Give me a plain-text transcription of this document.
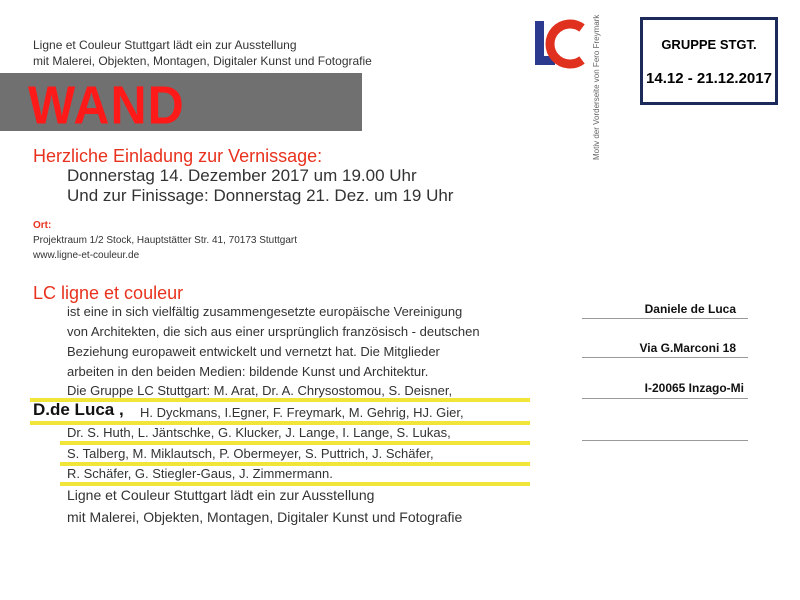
Ligne et Couleur Stuttgart lädt ein zur Ausstellung
mit Malerei, Objekten, Montagen, Digitaler Kunst und Fotografie
WAND
Herzliche Einladung zur Vernissage:
Donnerstag 14. Dezember 2017 um 19.00 Uhr
Und zur Finissage: Donnerstag 21. Dez. um 19 Uhr
Ort:
Projektraum 1/2 Stock, Hauptstätter Str. 41, 70173 Stuttgart
www.ligne-et-couleur.de
LC ligne et couleur
ist eine in sich vielfältig zusammengesetzte europäische Vereinigung
von Architekten, die sich aus einer ursprünglich französisch - deutschen
Beziehung europaweit entwickelt und vernetzt hat. Die Mitglieder
arbeiten in den beiden Medien: bildende Kunst und Architektur.
Die Gruppe LC Stuttgart: M. Arat, Dr. A. Chrysostomou, S. Deisner,
D.de Luca , H. Dyckmans, I.Egner, F. Freymark, M. Gehrig, HJ. Gier,
Dr. S. Huth, L. Jäntschke, G. Klucker, J. Lange, I. Lange, S. Lukas,
S. Talberg, M. Miklautsch, P. Obermeyer, S. Puttrich, J. Schäfer,
R. Schäfer, G. Stiegler-Gaus, J. Zimmermann.
Ligne et Couleur Stuttgart lädt ein zur Ausstellung
mit Malerei, Objekten, Montagen, Digitaler Kunst und Fotografie
Motiv der Vorderseite von Fero Freymark	GRUPPE STGT.
14.12 - 21.12.2017
Daniele de Luca
Via G.Marconi 18
I-20065 Inzago-Mi
